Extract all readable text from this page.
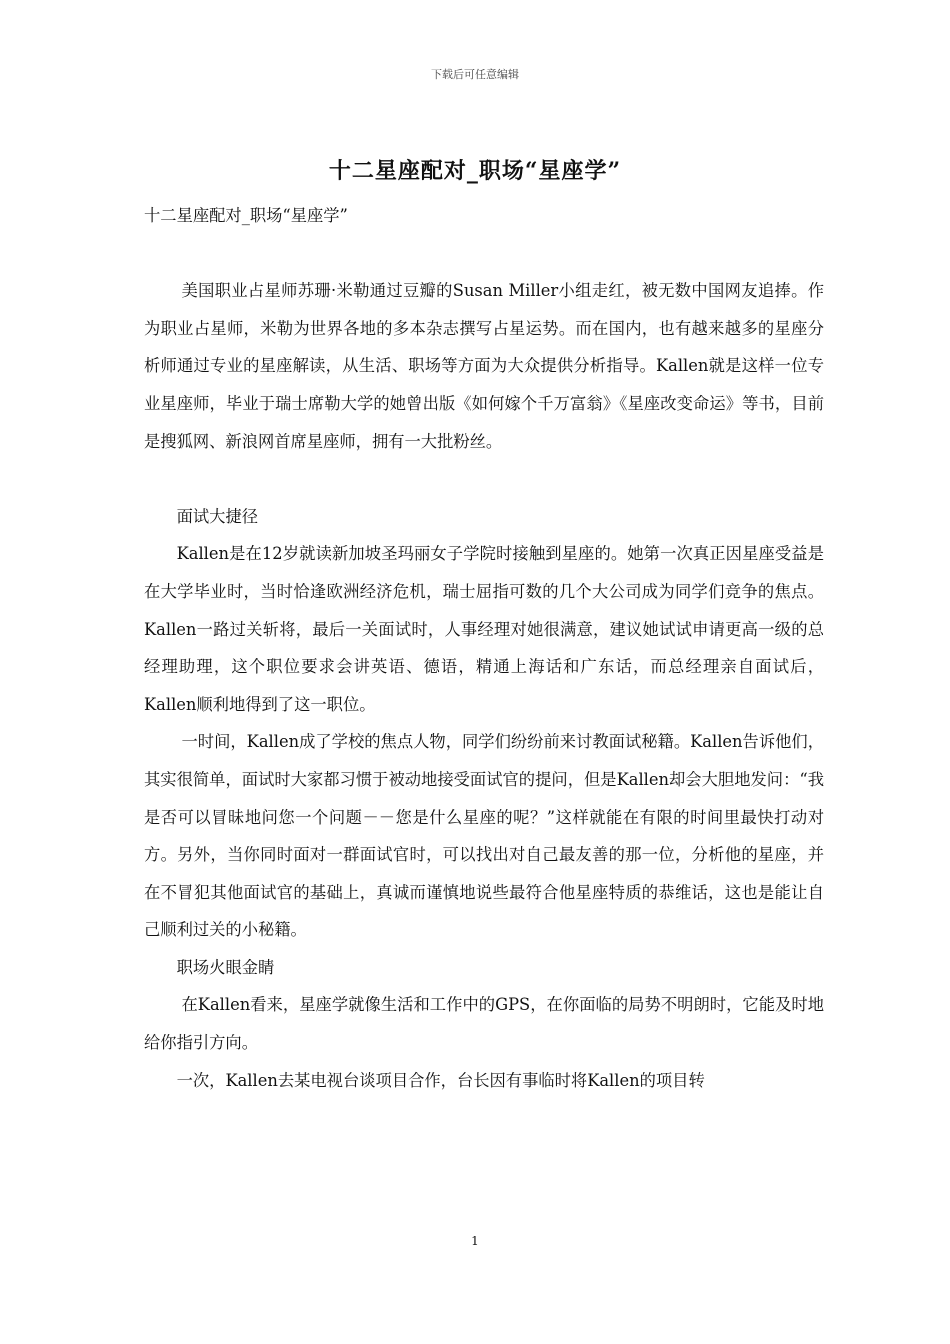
下载后可任意编辑
十二星座配对_职场“星座学”

十二星座配对_职场“星座学”

美国职业占星师苏珊·米勒通过豆瓣的Susan Miller小组走红，被无数中国网友追捧。作为职业占星师，米勒为世界各地的多本杂志撰写占星运势。而在国内，也有越来越多的星座分析师通过专业的星座解读，从生活、职场等方面为大众提供分析指导。Kallen就是这样一位专业星座师，毕业于瑞士席勒大学的她曾出版《如何嫁个千万富翁》《星座改变命运》等书，目前是搜狐网、新浪网首席星座师，拥有一大批粉丝。

面试大捷径

Kallen是在12岁就读新加坡圣玛丽女子学院时接触到星座的。她第一次真正因星座受益是在大学毕业时，当时恰逢欧洲经济危机，瑞士屈指可数的几个大公司成为同学们竞争的焦点。Kallen一路过关斩将，最后一关面试时，人事经理对她很满意，建议她试试申请更高一级的总经理助理，这个职位要求会讲英语、德语，精通上海话和广东话，而总经理亲自面试后，Kallen顺利地得到了这一职位。

一时间，Kallen成了学校的焦点人物，同学们纷纷前来讨教面试秘籍。Kallen告诉他们，其实很简单，面试时大家都习惯于被动地接受面试官的提问，但是Kallen却会大胆地发问：“我是否可以冒昧地问您一个问题－－您是什么星座的呢？”这样就能在有限的时间里最快打动对方。另外，当你同时面对一群面试官时，可以找出对自己最友善的那一位，分析他的星座，并在不冒犯其他面试官的基础上，真诚而谨慎地说些最符合他星座特质的恭维话，这也是能让自己顺利过关的小秘籍。

职场火眼金睛

在Kallen看来，星座学就像生活和工作中的GPS，在你面临的局势不明朗时，它能及时地给你指引方向。

一次，Kallen去某电视台谈项目合作，台长因有事临时将Kallen的项目转

1
